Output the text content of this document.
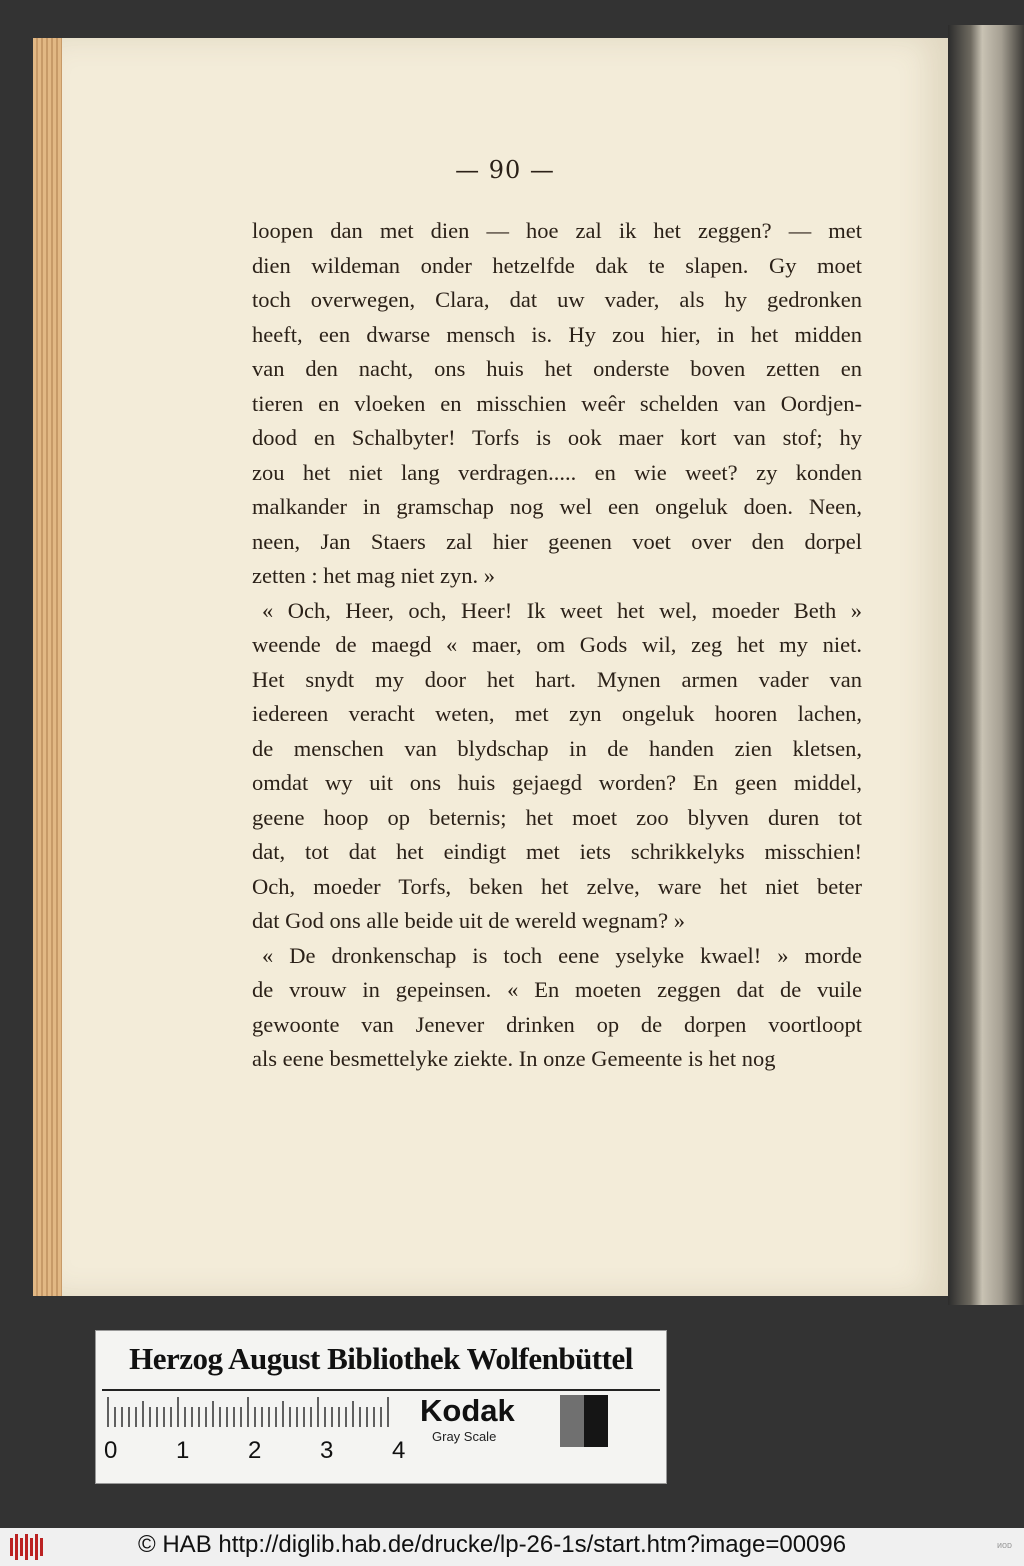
— 90 —
loopen dan met dien — hoe zal ik het zeggen? — met
dien wildeman onder hetzelfde dak te slapen. Gy moet
toch overwegen, Clara, dat uw vader, als hy gedronken
heeft, een dwarse mensch is. Hy zou hier, in het midden
van den nacht, ons huis het onderste boven zetten en
tieren en vloeken en misschien weêr schelden van Oordjen-
dood en Schalbyter! Torfs is ook maer kort van stof; hy
zou het niet lang verdragen..... en wie weet? zy konden
malkander in gramschap nog wel een ongeluk doen. Neen,
neen, Jan Staers zal hier geenen voet over den dorpel
zetten : het mag niet zyn. »
« Och, Heer, och, Heer! Ik weet het wel, moeder Beth »
weende de maegd « maer, om Gods wil, zeg het my niet.
Het snydt my door het hart. Mynen armen vader van
iedereen veracht weten, met zyn ongeluk hooren lachen,
de menschen van blydschap in de handen zien kletsen,
omdat wy uit ons huis gejaegd worden? En geen middel,
geene hoop op beternis; het moet zoo blyven duren tot
dat, tot dat het eindigt met iets schrikkelyks misschien!
Och, moeder Torfs, beken het zelve, ware het niet beter
dat God ons alle beide uit de wereld wegnam? »
« De dronkenschap is toch eene yselyke kwael! » morde
de vrouw in gepeinsen. « En moeten zeggen dat de vuile
gewoonte van Jenever drinken op de dorpen voortloopt
als eene besmettelyke ziekte. In onze Gemeente is het nog
Herzog August Bibliothek Wolfenbüttel
0 1 2 3 4
Kodak
Gray Scale
© HAB http://diglib.hab.de/drucke/lp-26-1s/start.htm?image=00096	ᴎᴏᴅ
